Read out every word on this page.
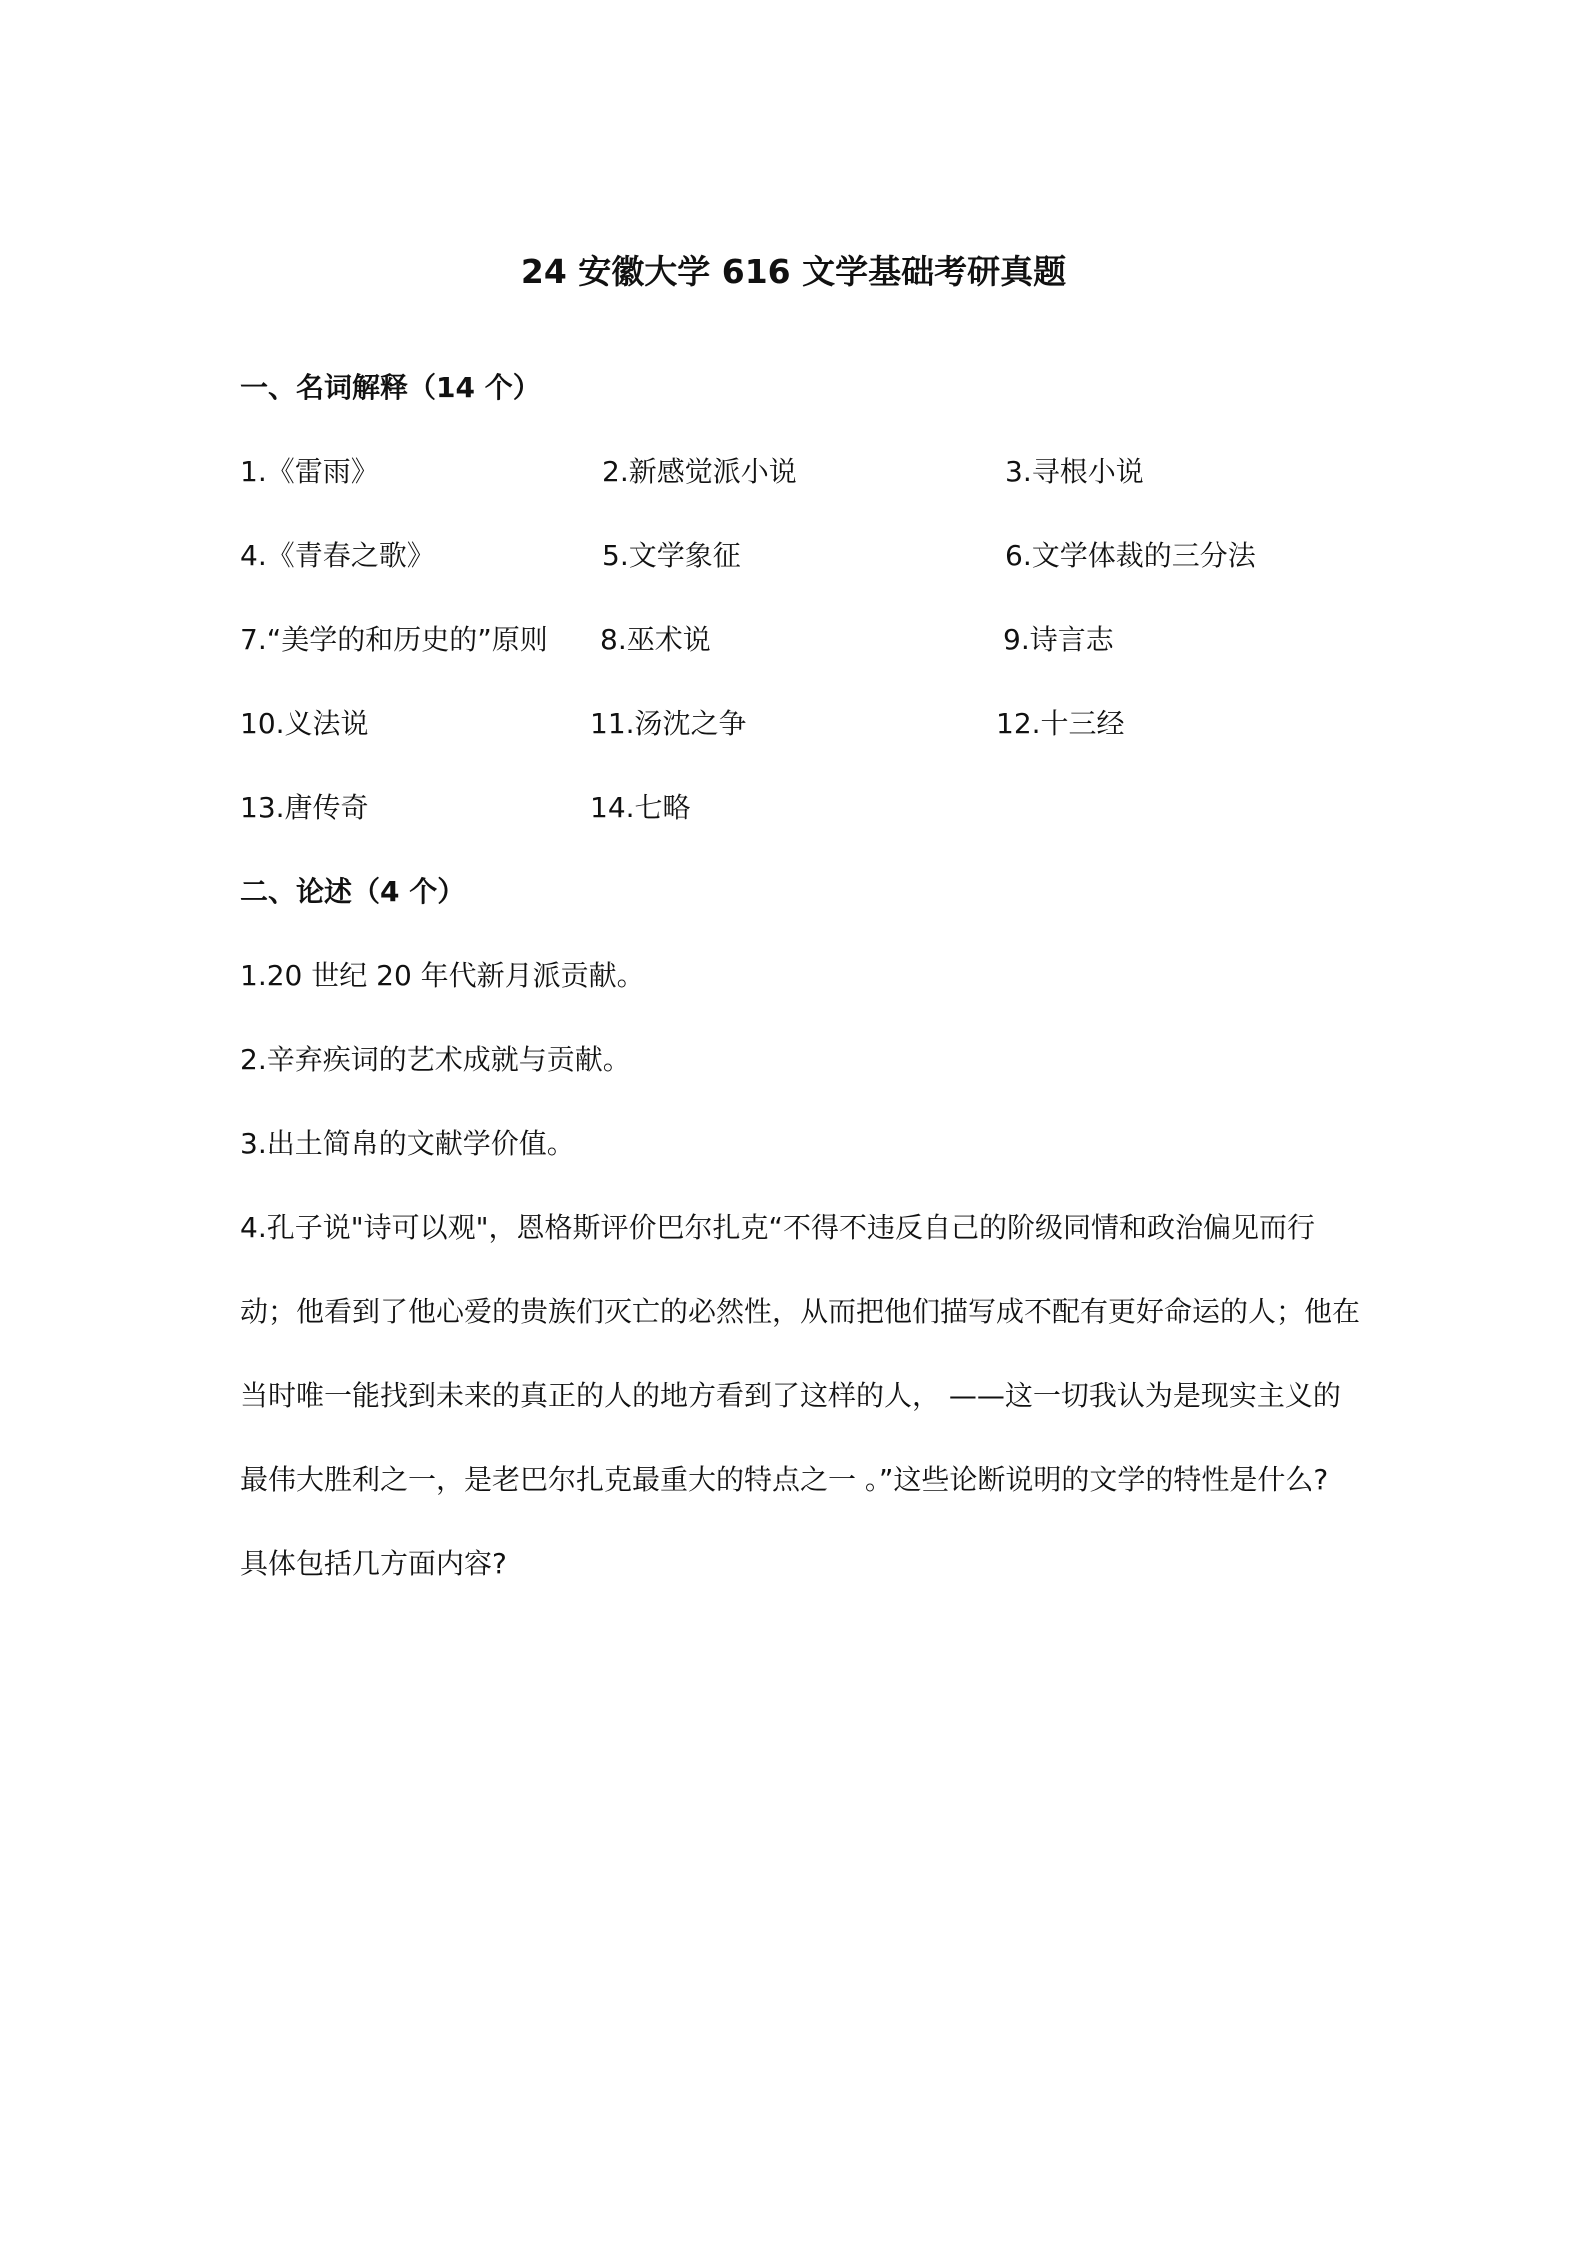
24 安徽大学 616 文学基础考研真题
一、名词解释（14 个）
1.《雷雨》	2.新感觉派小说	3.寻根小说
4.《青春之歌》	5.文学象征	6.文学体裁的三分法
7.“美学的和历史的”原则 8.巫术说	9.诗言志
10.义法说	11.汤沈之争	12.十三经
13.唐传奇	14.七略
二、论述（4 个）
1.20 世纪 20 年代新月派贡献。
2.辛弃疾词的艺术成就与贡献。
3.出土简帛的文献学价值。
4.孔子说"诗可以观"，恩格斯评价巴尔扎克“不得不违反自己的阶级同情和政治偏见而行
动；他看到了他心爱的贵族们灭亡的必然性，从而把他们描写成不配有更好命运的人；他在
当时唯一能找到未来的真正的人的地方看到了这样的人， ——这一切我认为是现实主义的
最伟大胜利之一，是老巴尔扎克最重大的特点之一 。”这些论断说明的文学的特性是什么?
具体包括几方面内容?
